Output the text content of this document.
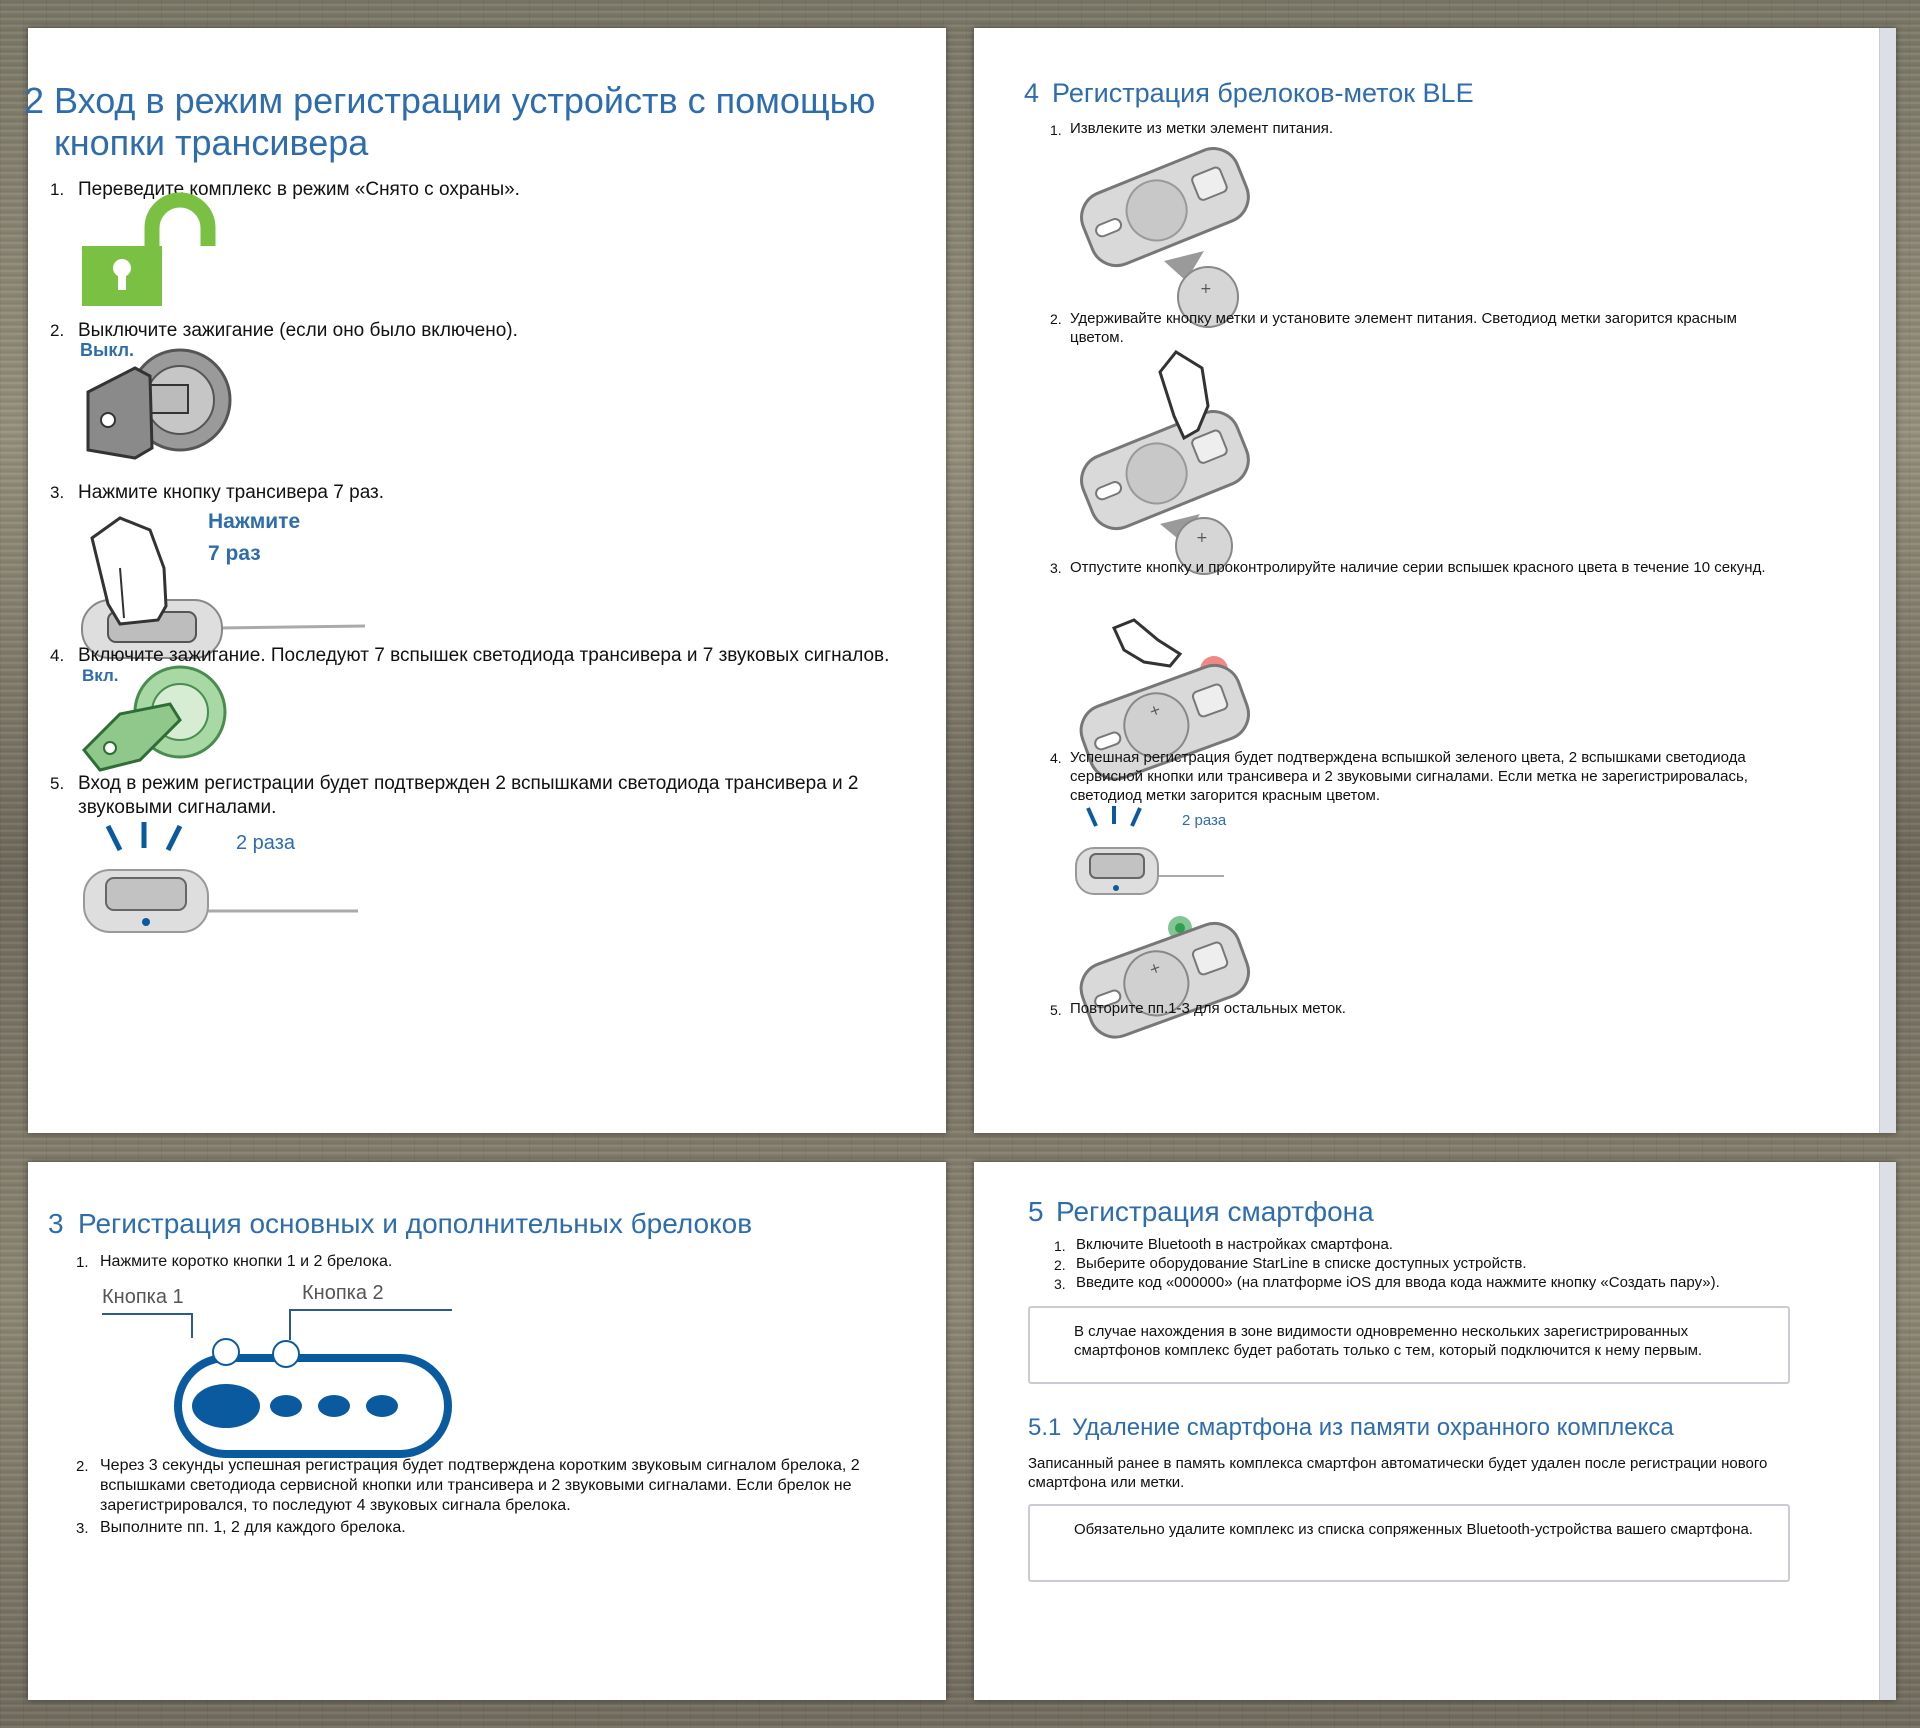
2 Вход в режим регистрации устройств с помощью
кнопки трансивера
1. Переведите комплекс в режим «Снято с охраны».

2. Выключите зажигание (если оно было включено).

Выкл.
3. Нажмите кнопку трансивера 7 раз.

Нажмите
7 раз
4. Включите зажигание. Последуют 7 вспышек светодиода трансивера и 7 звуковых сигналов.

Вкл.
5. Вход в режим регистрации будет подтвержден 2 вспышками светодиода трансивера и 2 звуковыми сигналами.

2 раза
4 Регистрация брелоков-меток BLE
1. Извлеките из метки элемент питания.

+
2. Удерживайте кнопку метки и установите элемент питания. Светодиод метки загорится красным цветом.

+
3. Отпустите кнопку и проконтролируйте наличие серии вспышек красного цвета в течение 10 секунд.

+
4. Успешная регистрация будет подтверждена вспышкой зеленого цвета, 2 вспышками светодиода сервисной кнопки или трансивера и 2 звуковыми сигналами. Если метка не зарегистрировалась, светодиод метки загорится красным цветом.

2 раза
+
5. Повторите пп.1-3 для остальных меток.

3 Регистрация основных и дополнительных брелоков
1. Нажмите коротко кнопки 1 и 2 брелока.

Кнопка 1	Кнопка 2
2. Через 3 секунды успешная регистрация будет подтверждена коротким звуковым сигналом брелока, 2 вспышками светодиода сервисной кнопки или трансивера и 2 звуковыми сигналами. Если брелок не зарегистрировался, то последуют 4 звуковых сигнала брелока.

3. Выполните пп. 1, 2 для каждого брелока.

5 Регистрация смартфона
1. Включите Bluetooth в настройках смартфона.

2. Выберите оборудование StarLine в списке доступных устройств.

3. Введите код «000000» (на платформе iOS для ввода кода нажмите кнопку «Создать пару»).

В случае нахождения в зоне видимости одновременно нескольких зарегистрированных смартфонов комплекс будет работать только с тем, который подключится к нему первым.

5.1 Удаление смартфона из памяти охранного комплекса

Записанный ранее в память комплекса смартфон автоматически будет удален после регистрации нового смартфона или метки.

Обязательно удалите комплекс из списка сопряженных Bluetooth-устройства вашего смартфона.
